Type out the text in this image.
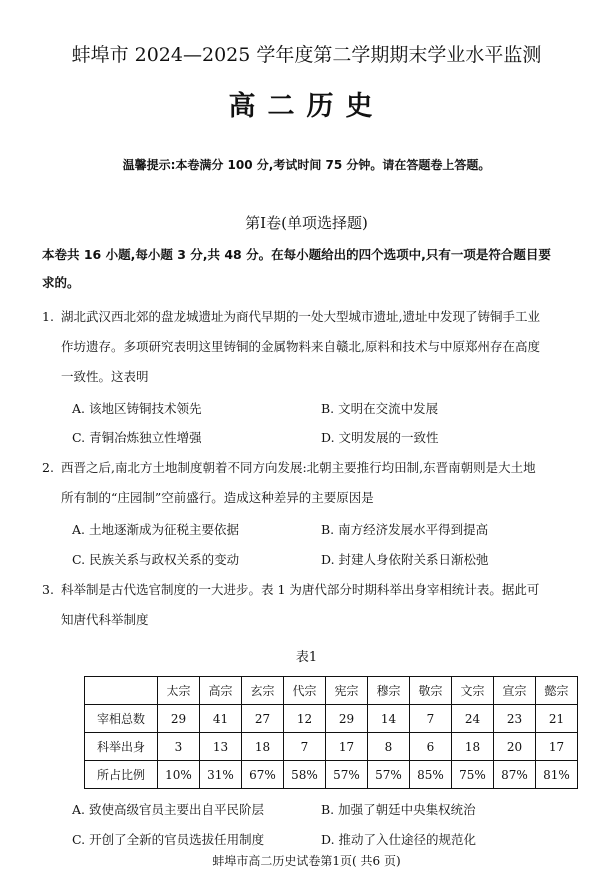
蚌埠市 2024—2025 学年度第二学期期末学业水平监测
高二历史
温馨提示:本卷满分 100 分,考试时间 75 分钟。请在答题卷上答题。
第Ⅰ卷(单项选择题)
本卷共 16 小题,每小题 3 分,共 48 分。在每小题给出的四个选项中,只有一项是符合题目要
求的。
1. 湖北武汉西北郊的盘龙城遗址为商代早期的一处大型城市遗址,遗址中发现了铸铜手工业
作坊遗存。多项研究表明这里铸铜的金属物料来自赣北,原料和技术与中原郑州存在高度
一致性。这表明
A. 该地区铸铜技术领先	B. 文明在交流中发展
C. 青铜冶炼独立性增强	D. 文明发展的一致性
2. 西晋之后,南北方土地制度朝着不同方向发展:北朝主要推行均田制,东晋南朝则是大土地
所有制的“庄园制”空前盛行。造成这种差异的主要原因是
A. 土地逐渐成为征税主要依据	B. 南方经济发展水平得到提高
C. 民族关系与政权关系的变动	D. 封建人身依附关系日渐松弛
3. 科举制是古代选官制度的一大进步。表 1 为唐代部分时期科举出身宰相统计表。据此可
知唐代科举制度
表1
	太宗	高宗	玄宗	代宗	宪宗	穆宗	敬宗	文宗	宣宗	懿宗
宰相总数	29	41	27	12	29	14	7	24	23	21
科举出身	3	13	18	7	17	8	6	18	20	17
所占比例	10%	31%	67%	58%	57%	57%	85%	75%	87%	81%
A. 致使高级官员主要出自平民阶层	B. 加强了朝廷中央集权统治
C. 开创了全新的官员选拔任用制度	D. 推动了入仕途径的规范化
蚌埠市高二历史试卷第1页( 共6 页)
